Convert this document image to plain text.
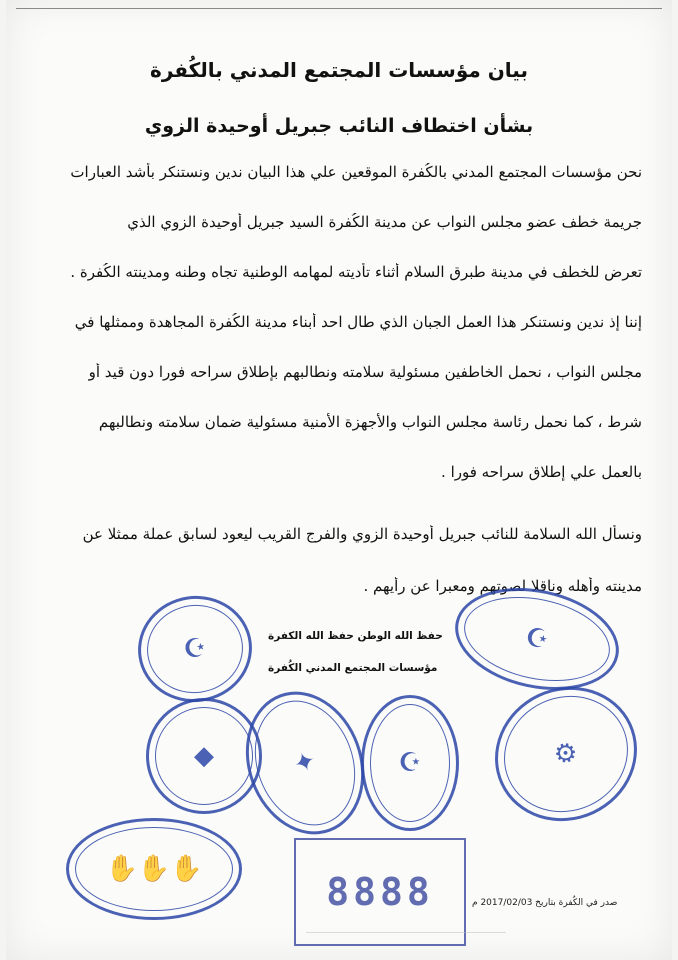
بيان مؤسسات المجتمع المدني بالكُفرة
بشأن اختطاف النائب جبريل أوحيدة الزوي
نحن مؤسسات المجتمع المدني بالكُفرة الموقعين علي هذا البيان ندين ونستنكر بأشد العبارات
جريمة خطف عضو مجلس النواب عن مدينة الكُفرة السيد جبريل أوحيدة الزوي الذي
تعرض للخطف في مدينة طبرق السلام أثناء تأديته لمهامه الوطنية تجاه وطنه ومدينته الكُفرة .
إننا إذ ندين ونستنكر هذا العمل الجبان الذي طال احد أبناء مدينة الكُفرة المجاهدة وممثلها في
مجلس النواب ، نحمل الخاطفين مسئولية سلامته ونطالبهم بإطلاق سراحه فورا دون قيد أو
شرط ، كما نحمل رئاسة مجلس النواب والأجهزة الأمنية مسئولية ضمان سلامته ونطالبهم
بالعمل علي إطلاق سراحه فورا .
ونسأل الله السلامة للنائب جبريل أوحيدة الزوي والفرج القريب ليعود لسابق عملة ممثلا عن
مدينته وأهله وناقلا لصوتهم ومعبرا عن رأيهم .
حفظ الله الوطن حفظ الله الكفرة
مؤسسات المجتمع المدني الكُفرة
☪	☪
◆	✦	☪	⚙
✋✋✋
8888	صدر في الكُفرة بتاريخ 2017/02/03 م
